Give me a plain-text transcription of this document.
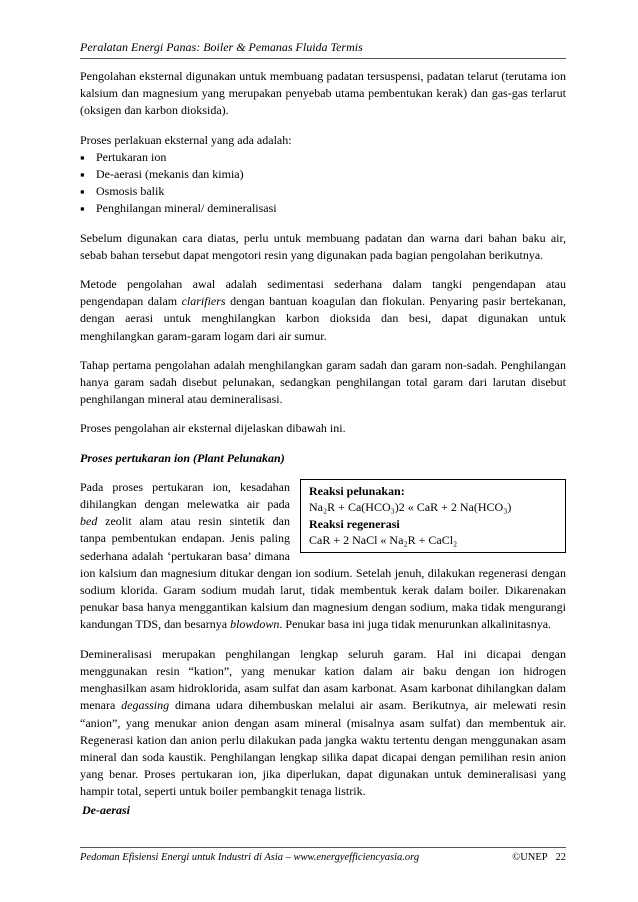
Peralatan Energi Panas: Boiler & Pemanas Fluida Termis

Pengolahan eksternal digunakan untuk membuang padatan tersuspensi, padatan telarut (terutama ion kalsium dan magnesium yang merupakan penyebab utama pembentukan kerak) dan gas-gas terlarut (oksigen dan karbon dioksida).

Proses perlakuan eksternal yang ada adalah:

▪ Pertukaran ion
▪ De-aerasi (mekanis dan kimia)
▪ Osmosis balik
▪ Penghilangan mineral/ demineralisasi

Sebelum digunakan cara diatas, perlu untuk membuang padatan dan warna dari bahan baku air, sebab bahan tersebut dapat mengotori resin yang digunakan pada bagian pengolahan berikutnya.

Metode pengolahan awal adalah sedimentasi sederhana dalam tangki pengendapan atau pengendapan dalam clarifiers dengan bantuan koagulan dan flokulan. Penyaring pasir bertekanan, dengan aerasi untuk menghilangkan karbon dioksida dan besi, dapat digunakan untuk menghilangkan garam-garam logam dari air sumur.

Tahap pertama pengolahan adalah menghilangkan garam sadah dan garam non-sadah. Penghilangan hanya garam sadah disebut pelunakan, sedangkan penghilangan total garam dari larutan disebut penghilangan mineral atau demineralisasi.

Proses pengolahan air eksternal dijelaskan dibawah ini.

Proses pertukaran ion (Plant Pelunakan)

Reaksi pelunakan:
Na₂R + Ca(HCO₃)2 « CaR + 2 Na(HCO₃)
Reaksi regenerasi
CaR + 2 NaCl « Na₂R + CaCl₂
Pada proses pertukaran ion, kesadahan dihilangkan dengan melewatka air pada bed zeolit alam atau resin sintetik dan tanpa pembentukan endapan. Jenis paling sederhana adalah ‘pertukaran basa’ dimana ion kalsium dan magnesium ditukar dengan ion sodium. Setelah jenuh, dilakukan regenerasi dengan sodium klorida. Garam sodium mudah larut, tidak membentuk kerak dalam boiler. Dikarenakan penukar basa hanya menggantikan kalsium dan magnesium dengan sodium, maka tidak mengurangi kandungan TDS, dan besarnya blowdown. Penukar basa ini juga tidak menurunkan alkalinitasnya.

Demineralisasi merupakan penghilangan lengkap seluruh garam. Hal ini dicapai dengan menggunakan resin “kation”, yang menukar kation dalam air baku dengan ion hidrogen menghasilkan asam hidroklorida, asam sulfat dan asam karbonat. Asam karbonat dihilangkan dalam menara degassing dimana udara dihembuskan melalui air asam. Berikutnya, air melewati resin “anion”, yang menukar anion dengan asam mineral (misalnya asam sulfat) dan membentuk air. Regenerasi kation dan anion perlu dilakukan pada jangka waktu tertentu dengan menggunakan asam mineral dan soda kaustik. Penghilangan lengkap silika dapat dicapai dengan pemilihan resin anion yang benar. Proses pertukaran ion, jika diperlukan, dapat digunakan untuk demineralisasi yang hampir total, seperti untuk boiler pembangkit tenaga listrik.

De-aerasi
Pedoman Efisiensi Energi untuk Industri di Asia – www.energyefficiencyasia.org	©UNEP 22
